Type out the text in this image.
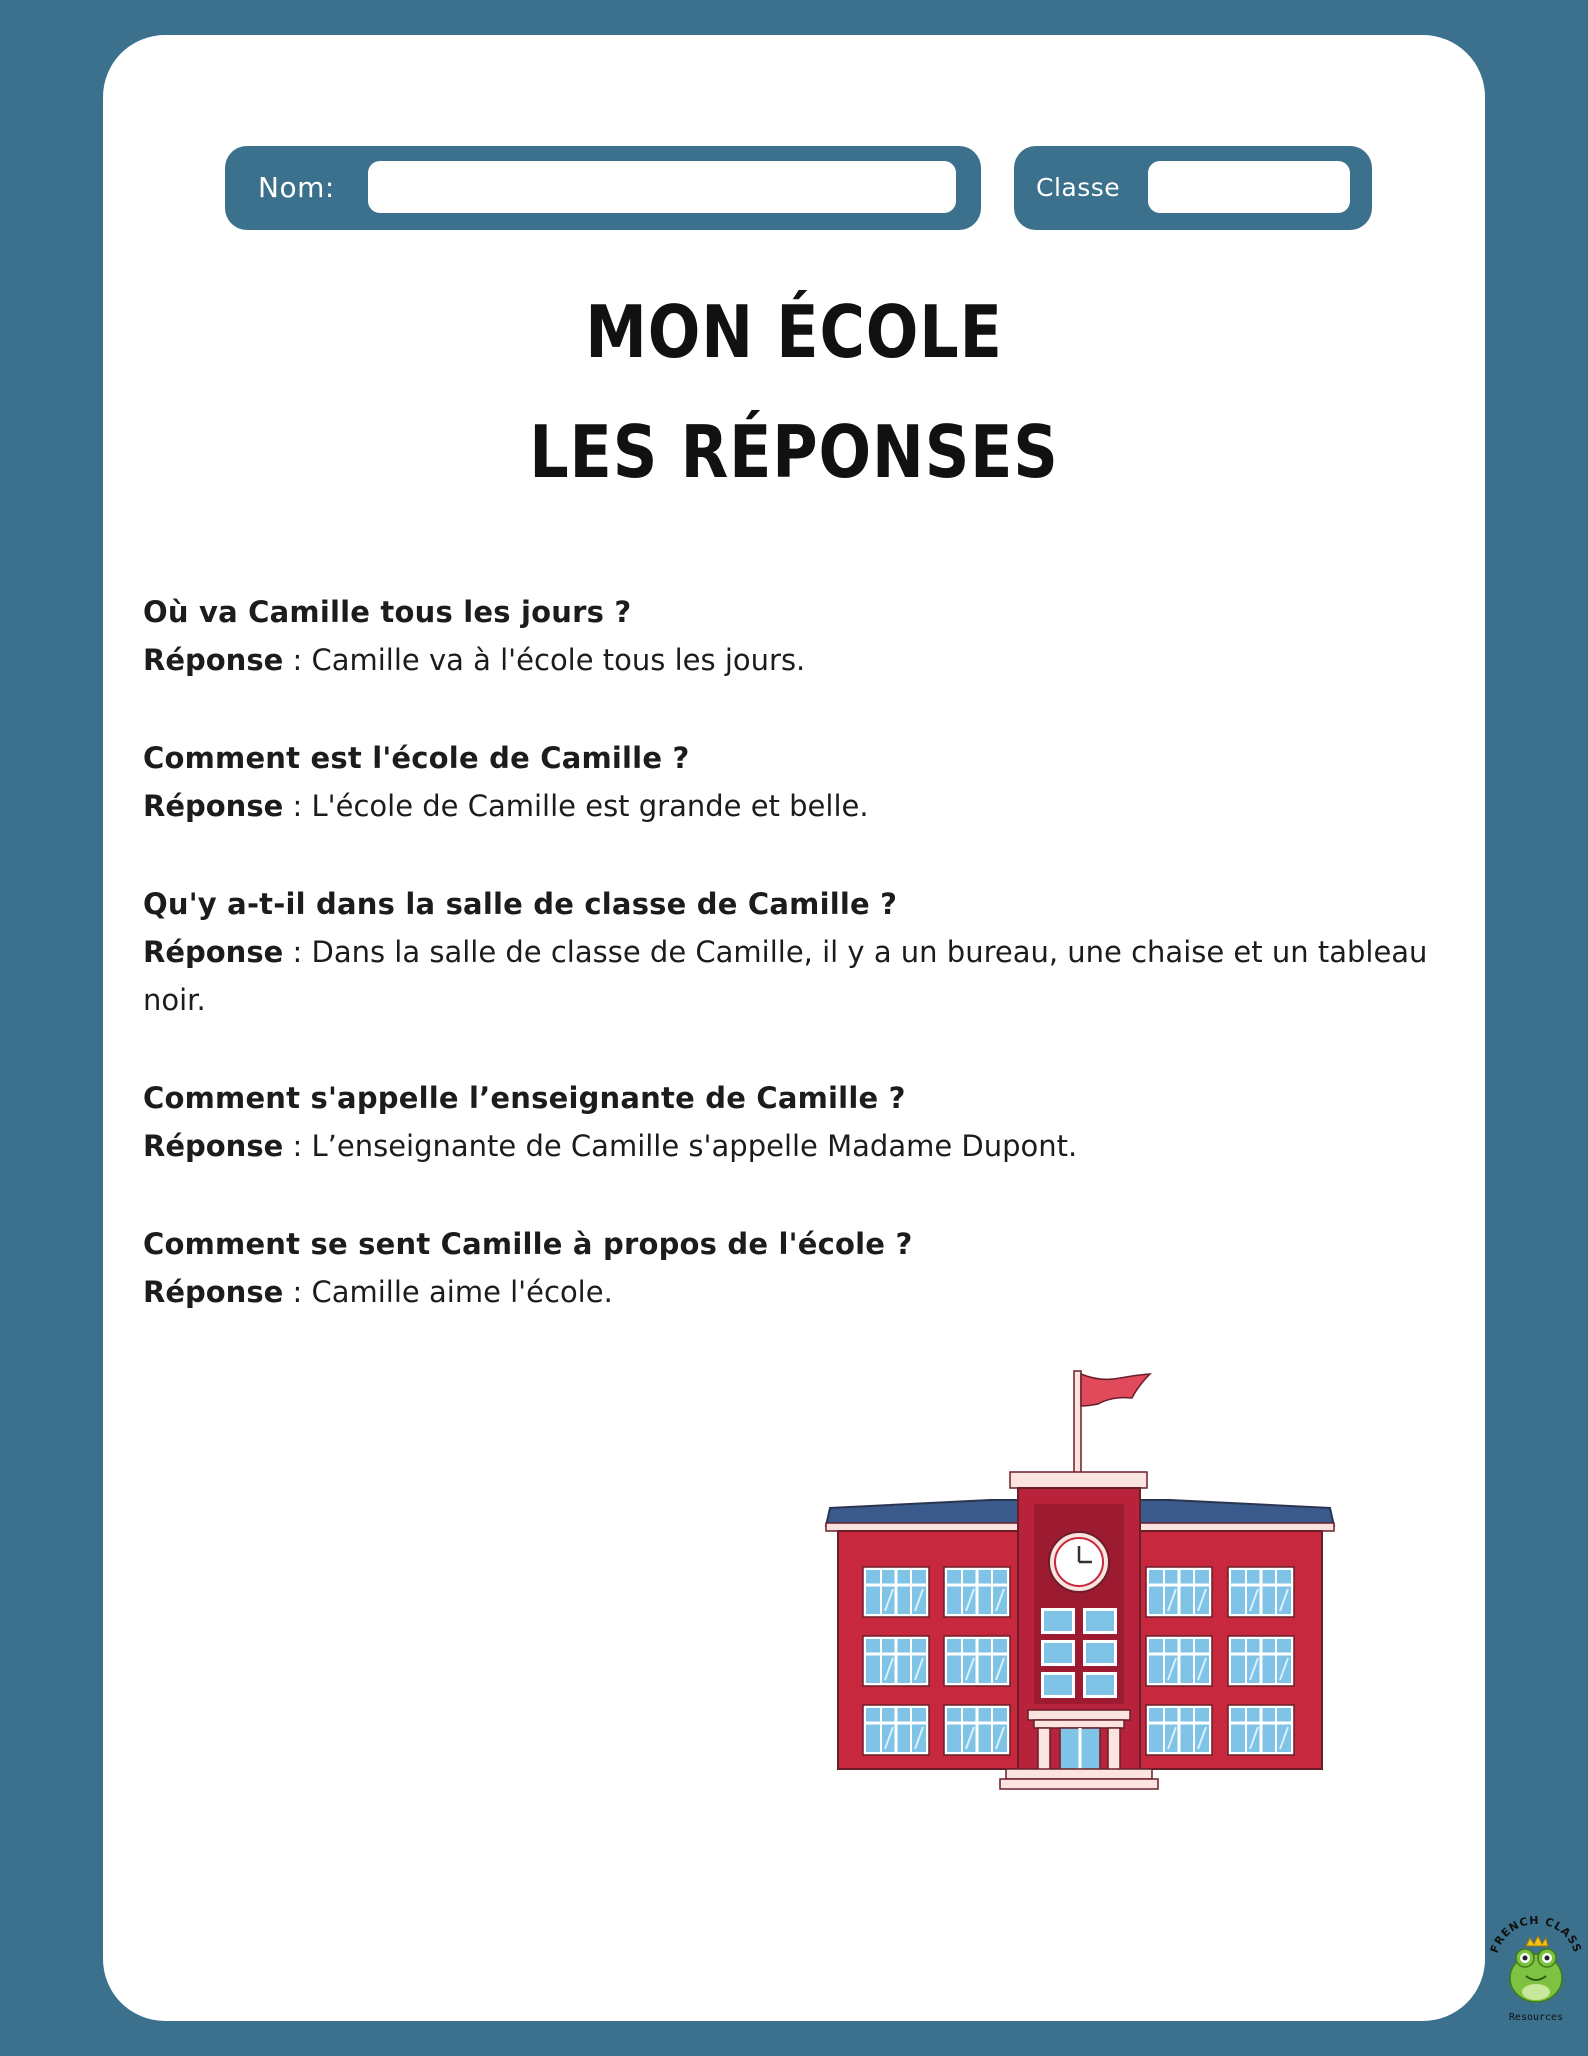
Nom:	Classe
MON ÉCOLE
LES RÉPONSES
Où va Camille tous les jours ?
Réponse : Camille va à l'école tous les jours.
Comment est l'école de Camille ?
Réponse : L'école de Camille est grande et belle.
Qu'y a-t-il dans la salle de classe de Camille ?
Réponse : Dans la salle de classe de Camille, il y a un bureau, une chaise et un tableau noir.
Comment s'appelle l’enseignante de Camille ?
Réponse : L’enseignante de Camille s'appelle Madame Dupont.
Comment se sent Camille à propos de l'école ?
Réponse : Camille aime l'école.
FRENCH CLASS
Resources
